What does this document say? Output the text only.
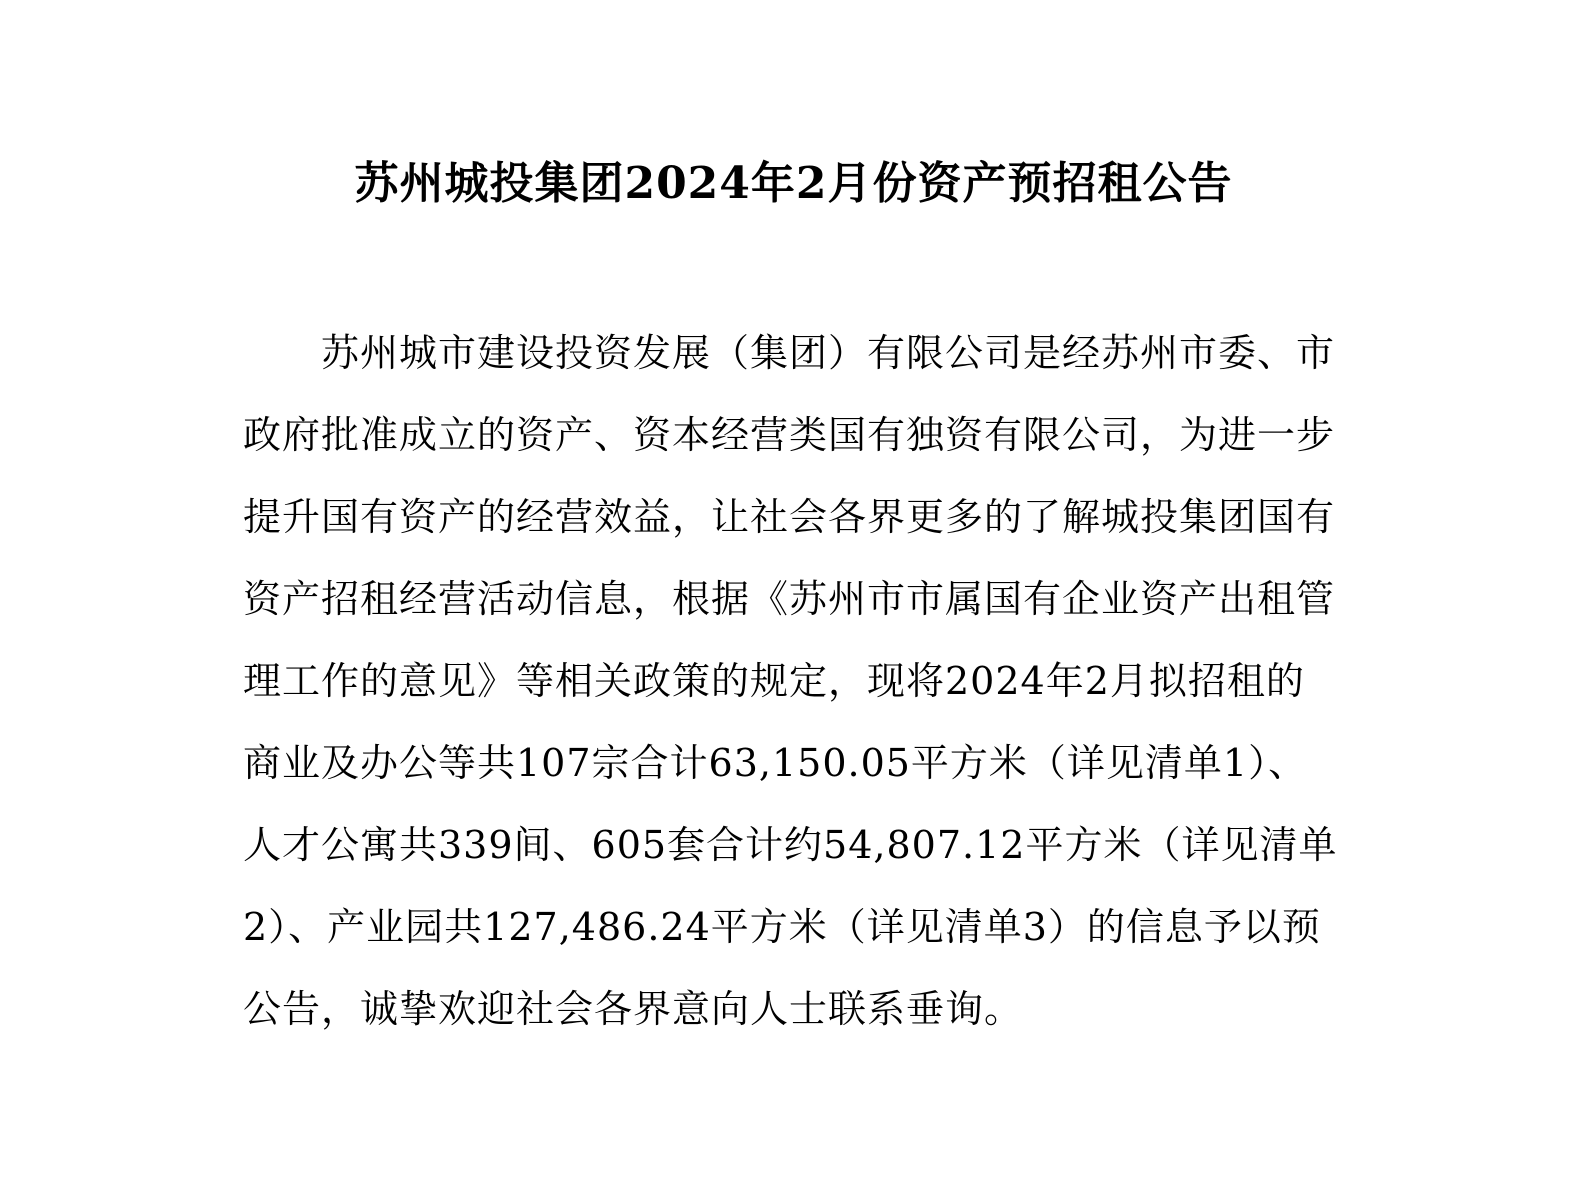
苏州城投集团2024年2月份资产预招租公告
苏州城市建设投资发展（集团）有限公司是经苏州市委、市
政府批准成立的资产、资本经营类国有独资有限公司，为进一步
提升国有资产的经营效益，让社会各界更多的了解城投集团国有
资产招租经营活动信息，根据《苏州市市属国有企业资产出租管
理工作的意见》等相关政策的规定，现将2024年2月拟招租的
商业及办公等共107宗合计63,150.05平方米（详见清单1）、
人才公寓共339间、605套合计约54,807.12平方米（详见清单
2）、产业园共127,486.24平方米（详见清单3）的信息予以预
公告，诚挚欢迎社会各界意向人士联系垂询。
